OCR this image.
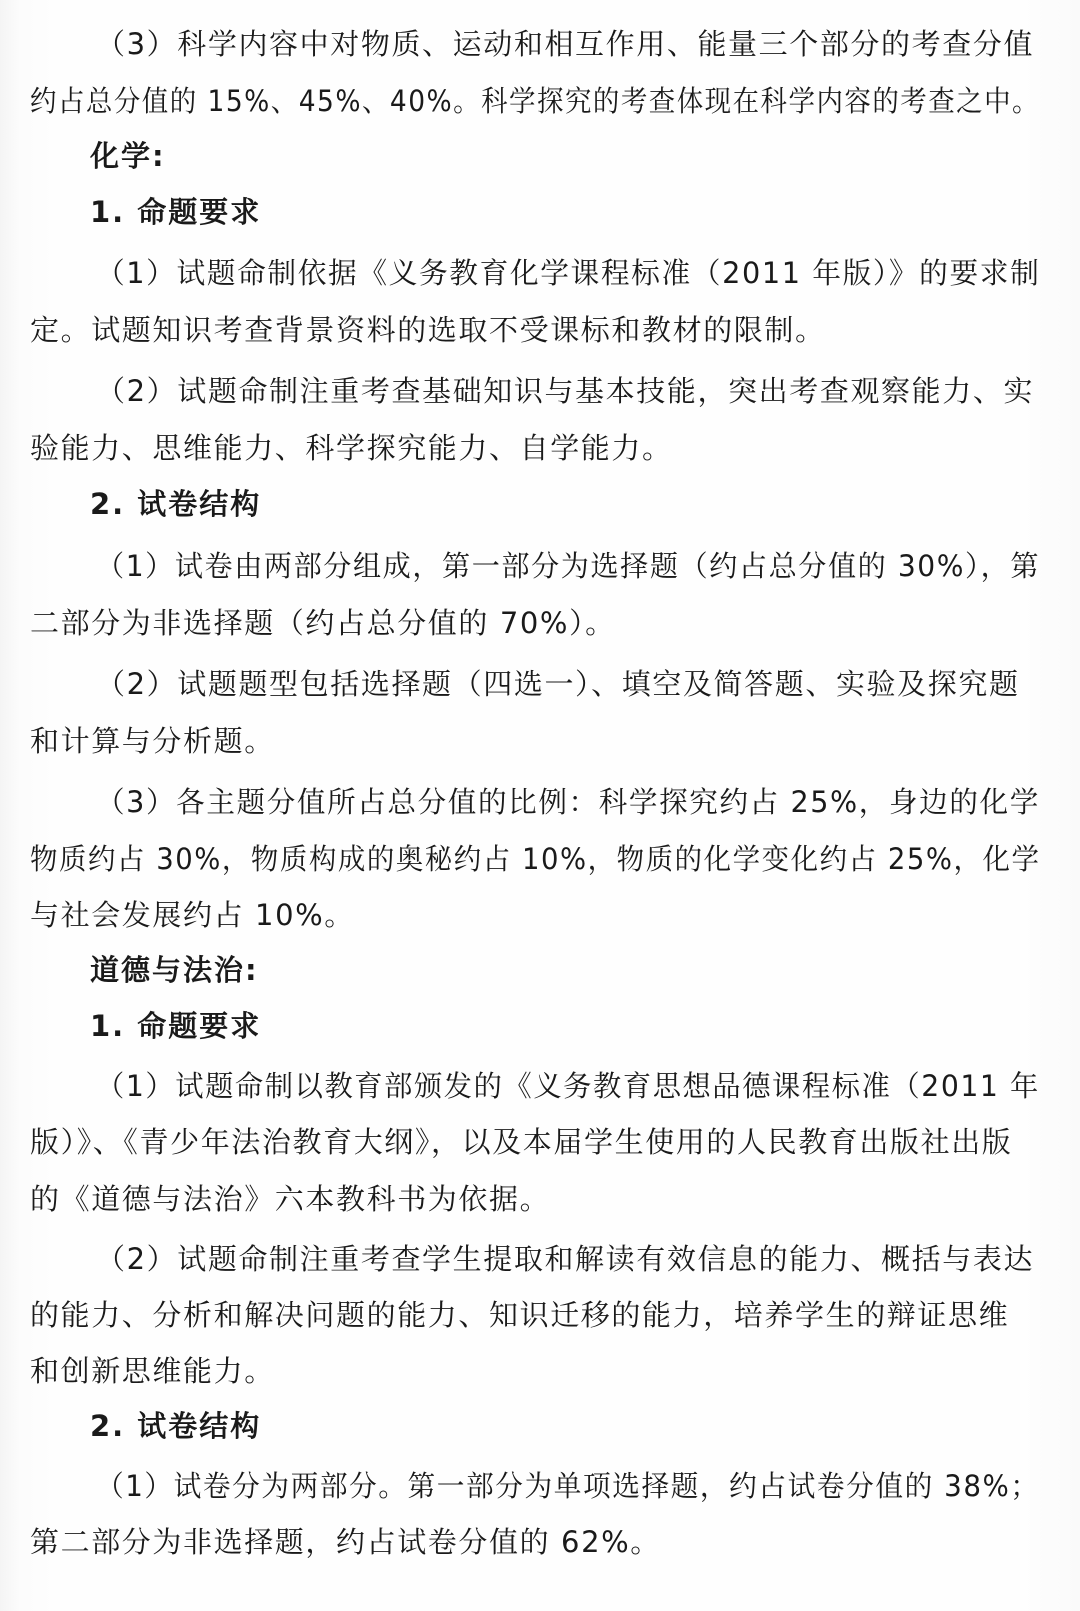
（3）科学内容中对物质、运动和相互作用、能量三个部分的考查分值
约占总分值的 15%、45%、40%。科学探究的考查体现在科学内容的考查之中。
化学:
1. 命题要求
（1）试题命制依据《义务教育化学课程标准（2011 年版）》的要求制
定。试题知识考查背景资料的选取不受课标和教材的限制。
（2）试题命制注重考查基础知识与基本技能，突出考查观察能力、实
验能力、思维能力、科学探究能力、自学能力。
2. 试卷结构
（1）试卷由两部分组成，第一部分为选择题（约占总分值的 30%），第
二部分为非选择题（约占总分值的 70%）。
（2）试题题型包括选择题（四选一）、填空及简答题、实验及探究题
和计算与分析题。
（3）各主题分值所占总分值的比例：科学探究约占 25%，身边的化学
物质约占 30%，物质构成的奥秘约占 10%，物质的化学变化约占 25%，化学
与社会发展约占 10%。
道德与法治:
1. 命题要求
（1）试题命制以教育部颁发的《义务教育思想品德课程标准（2011 年
版）》、《青少年法治教育大纲》，以及本届学生使用的人民教育出版社出版
的《道德与法治》六本教科书为依据。
（2）试题命制注重考查学生提取和解读有效信息的能力、概括与表达
的能力、分析和解决问题的能力、知识迁移的能力，培养学生的辩证思维
和创新思维能力。
2. 试卷结构
（1）试卷分为两部分。第一部分为单项选择题，约占试卷分值的 38%；
第二部分为非选择题，约占试卷分值的 62%。
